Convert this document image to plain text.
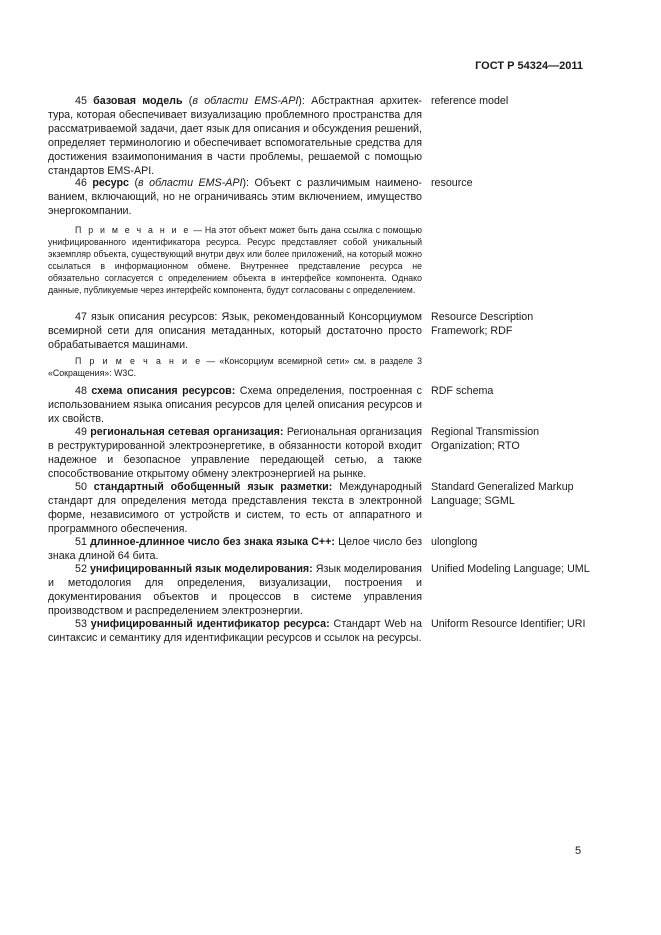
ГОСТ Р 54324—2011
45 базовая модель (в области EMS-API): Абстрактная архитек- тура, которая обеспечивает визуализацию проблемного пространства для рассматриваемой задачи, дает язык для описания и обсуждения решений, определяет терминологию и обеспечивает вспомогательные средства для достижения взаимопонимания в части проблемы, решаемой с помощью стандартов EMS-API.
reference model
46 ресурс (в области EMS-API): Объект с различимым наимено- ванием, включающий, но не ограничиваясь этим включением, имущество энергокомпании.
resource
П р и м е ч а н и е — На этот объект может быть дана ссылка с помощью унифицированного идентификатора ресурса. Ресурс представляет собой уникальный экземпляр объекта, существующий внутри двух или более приложений, на который можно ссылаться в информационном обмене. Внутреннее представление ресурса не обязательно согласуется с определением объекта в интерфейсе компонента. Однако данные, публикуемые через интерфейс компонента, будут согласованы с определением.
47 язык описания ресурсов: Язык, рекомендованный Консорциумом всемирной сети для описания метаданных, который достаточно просто обрабатывается машинами.
Resource Description Framework; RDF
П р и м е ч а н и е — «Консорциум всемирной сети» см. в разделе 3 «Сокращения»: W3C.
48 схема описания ресурсов: Схема определения, построенная с использованием языка описания ресурсов для целей описания ресурсов и их свойств.
RDF schema
49 региональная сетевая организация: Региональная организация в реструктурированной электроэнергетике, в обязанности которой входит надежное и безопасное управление передающей сетью, а также способствование открытому обмену электроэнергией на рынке.
Regional Transmission Organization; RTO
50 стандартный обобщенный язык разметки: Международный стандарт для определения метода представления текста в электронной форме, независимого от устройств и систем, то есть от аппаратного и программного обеспечения.
Standard Generalized Markup Language; SGML
51 длинное-длинное число без знака языка С++: Целое число без знака длиной 64 бита.
ulonglong
52 унифицированный язык моделирования: Язык моделирования и методология для определения, визуализации, построения и документирования объектов и процессов в системе управления производством и распределением электроэнергии.
Unified Modeling Language; UML
53 унифицированный идентификатор ресурса: Стандарт Web на синтаксис и семантику для идентификации ресурсов и ссылок на ресурсы.
Uniform Resource Identifier; URI
5
